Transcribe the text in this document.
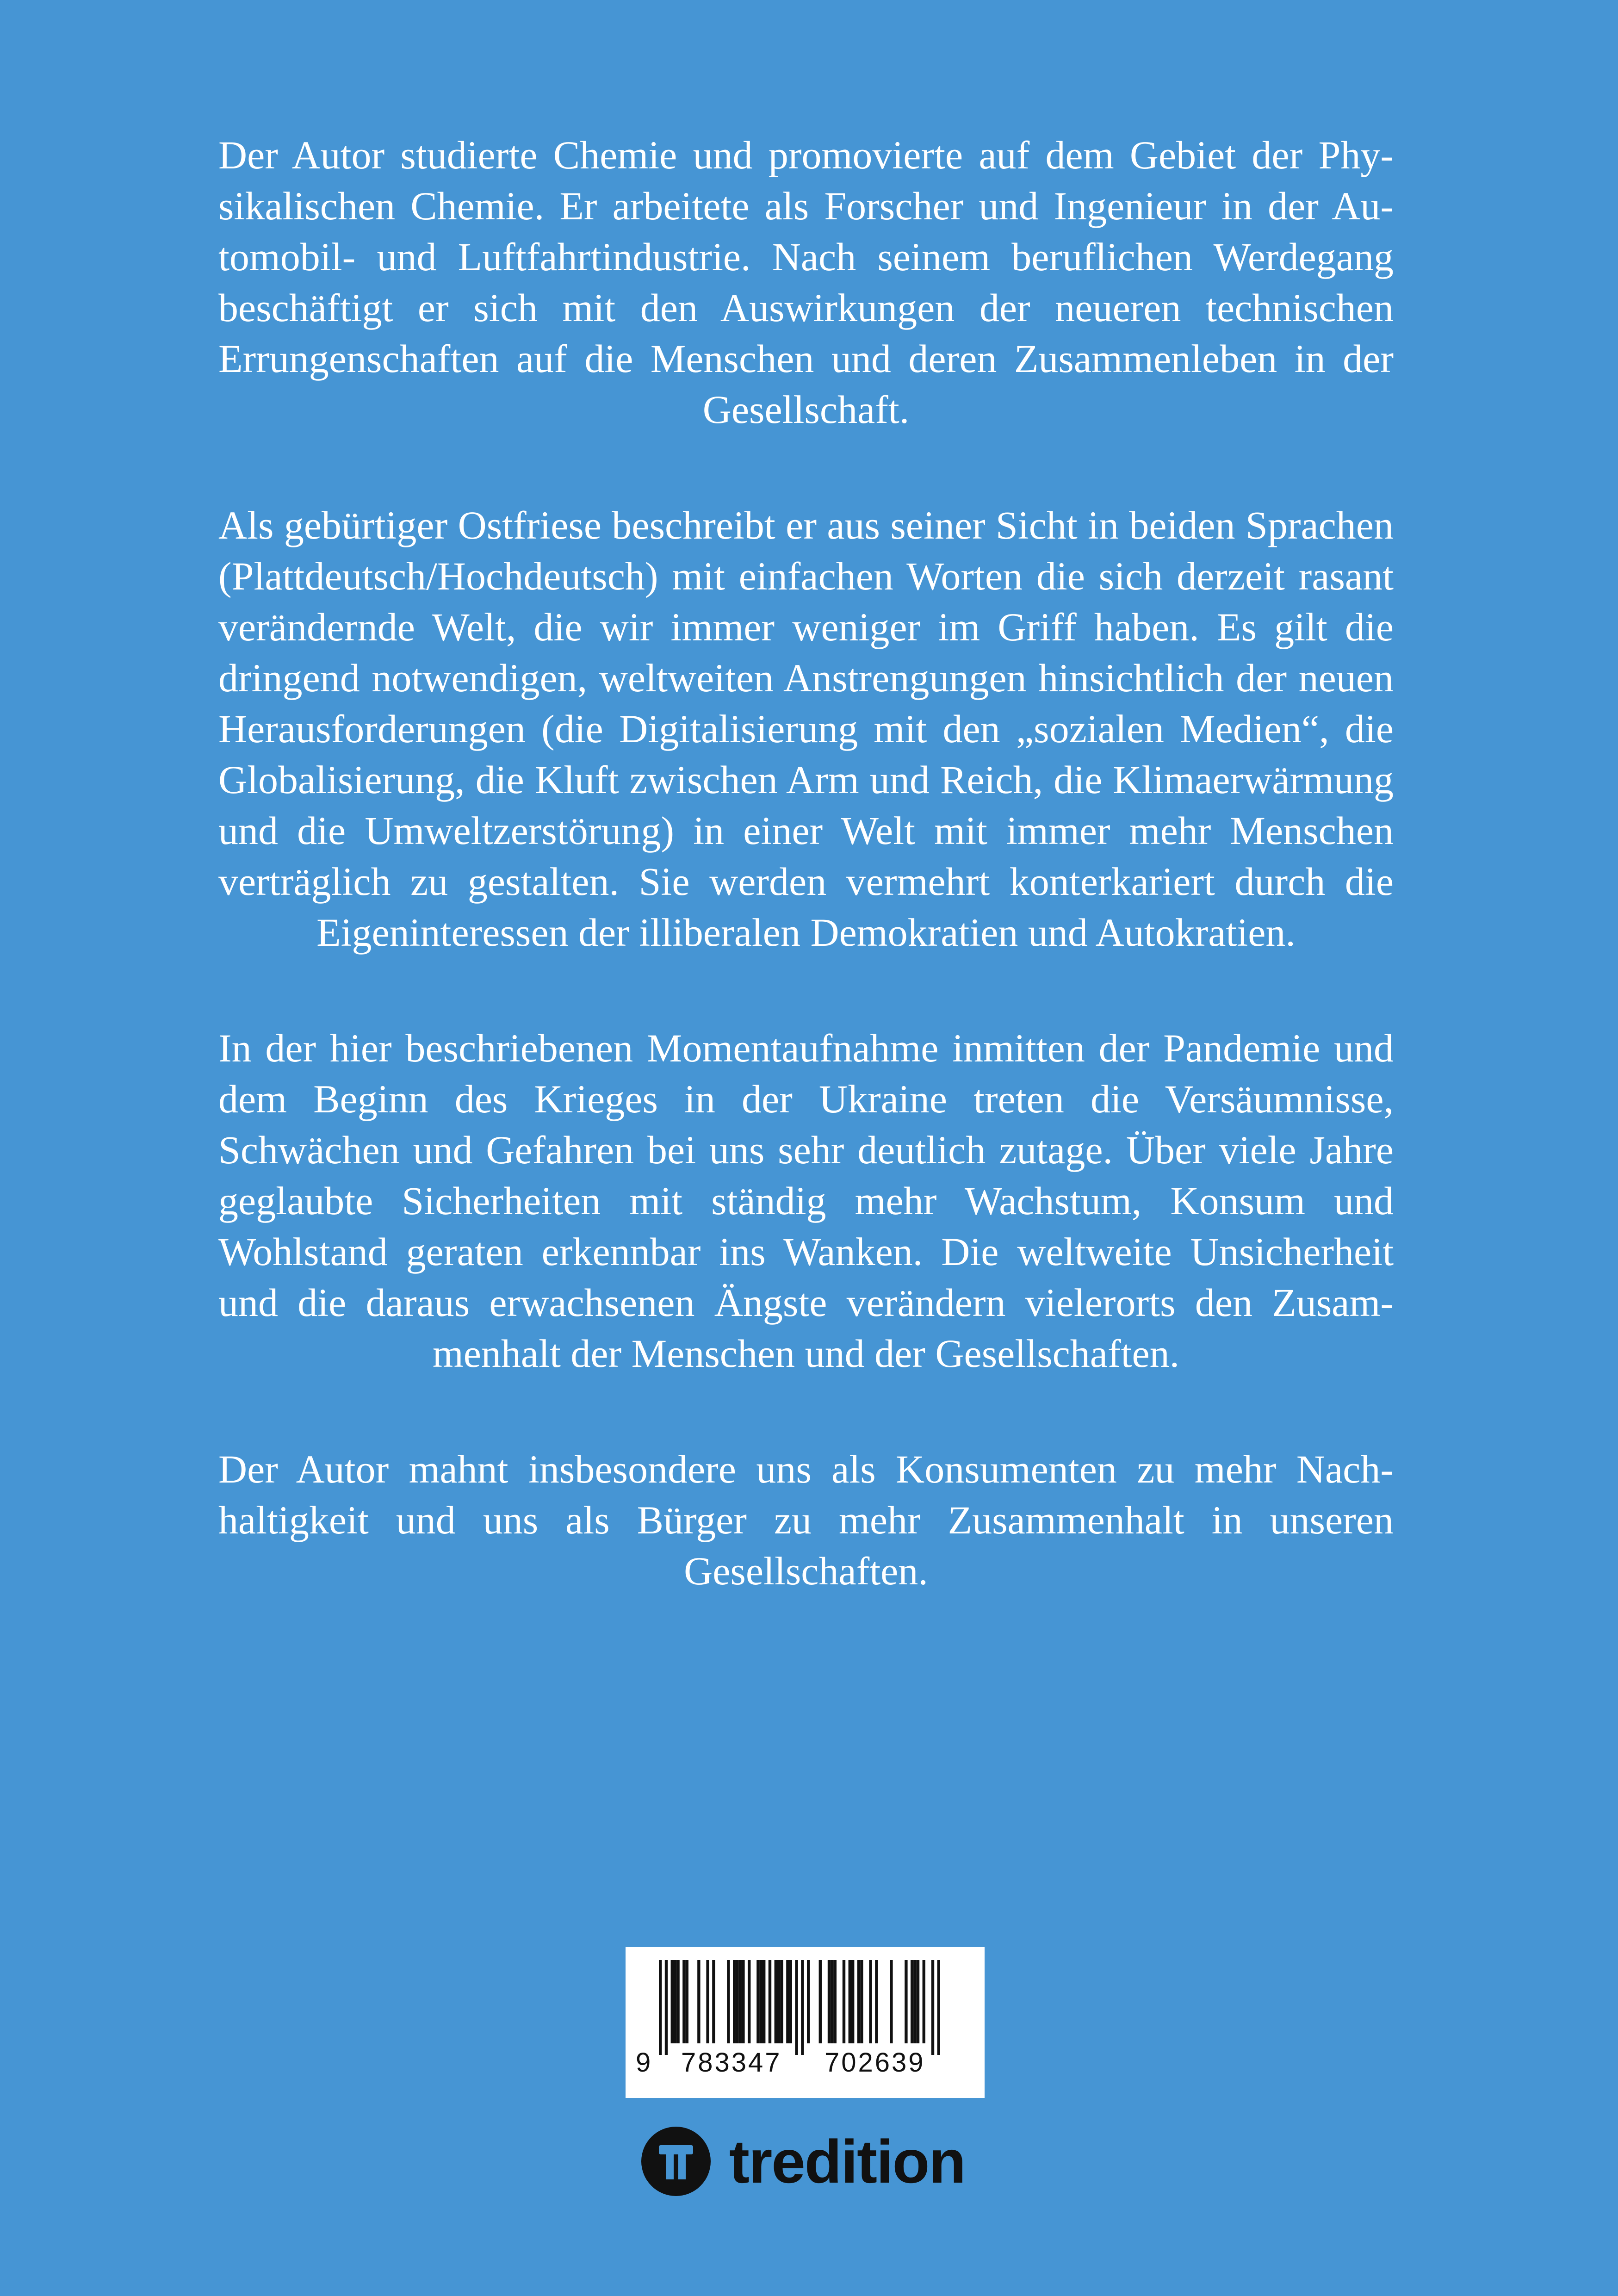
Der Autor studierte Chemie und promovierte auf dem Gebiet der Physikalischen Chemie. Er arbeitete als Forscher und Ingenieur in der Automobil- und Luftfahrtindustrie. Nach seinem beruflichen Werdegang beschäftigt er sich mit den Auswirkungen der neueren technischen Errungenschaften auf die Menschen und deren Zusammenleben in der Gesellschaft.

Als gebürtiger Ostfriese beschreibt er aus seiner Sicht in beiden Sprachen (Plattdeutsch/Hochdeutsch) mit einfachen Worten die sich derzeit rasant verändernde Welt, die wir immer weniger im Griff haben. Es gilt die dringend notwendigen, weltweiten Anstrengungen hinsichtlich der neuen Herausforderungen (die Digitalisierung mit den „sozialen Medien“, die Globalisierung, die Kluft zwischen Arm und Reich, die Klimaerwärmung und die Umweltzerstörung) in einer Welt mit immer mehr Menschen verträglich zu gestalten. Sie werden vermehrt konterkariert durch die Eigeninteressen der illiberalen Demokratien und Autokratien.

In der hier beschriebenen Momentaufnahme inmitten der Pandemie und dem Beginn des Krieges in der Ukraine treten die Versäumnisse, Schwächen und Gefahren bei uns sehr deutlich zutage. Über viele Jahre geglaubte Sicherheiten mit ständig mehr Wachstum, Konsum und Wohlstand geraten erkennbar ins Wanken. Die weltweite Unsicherheit und die daraus erwachsenen Ängste verändern vielerorts den Zusammenhalt der Menschen und der Gesellschaften.

Der Autor mahnt insbesondere uns als Konsumenten zu mehr Nachhaltigkeit und uns als Bürger zu mehr Zusammenhalt in unseren Gesellschaften.

9 783347 702639
tredition
